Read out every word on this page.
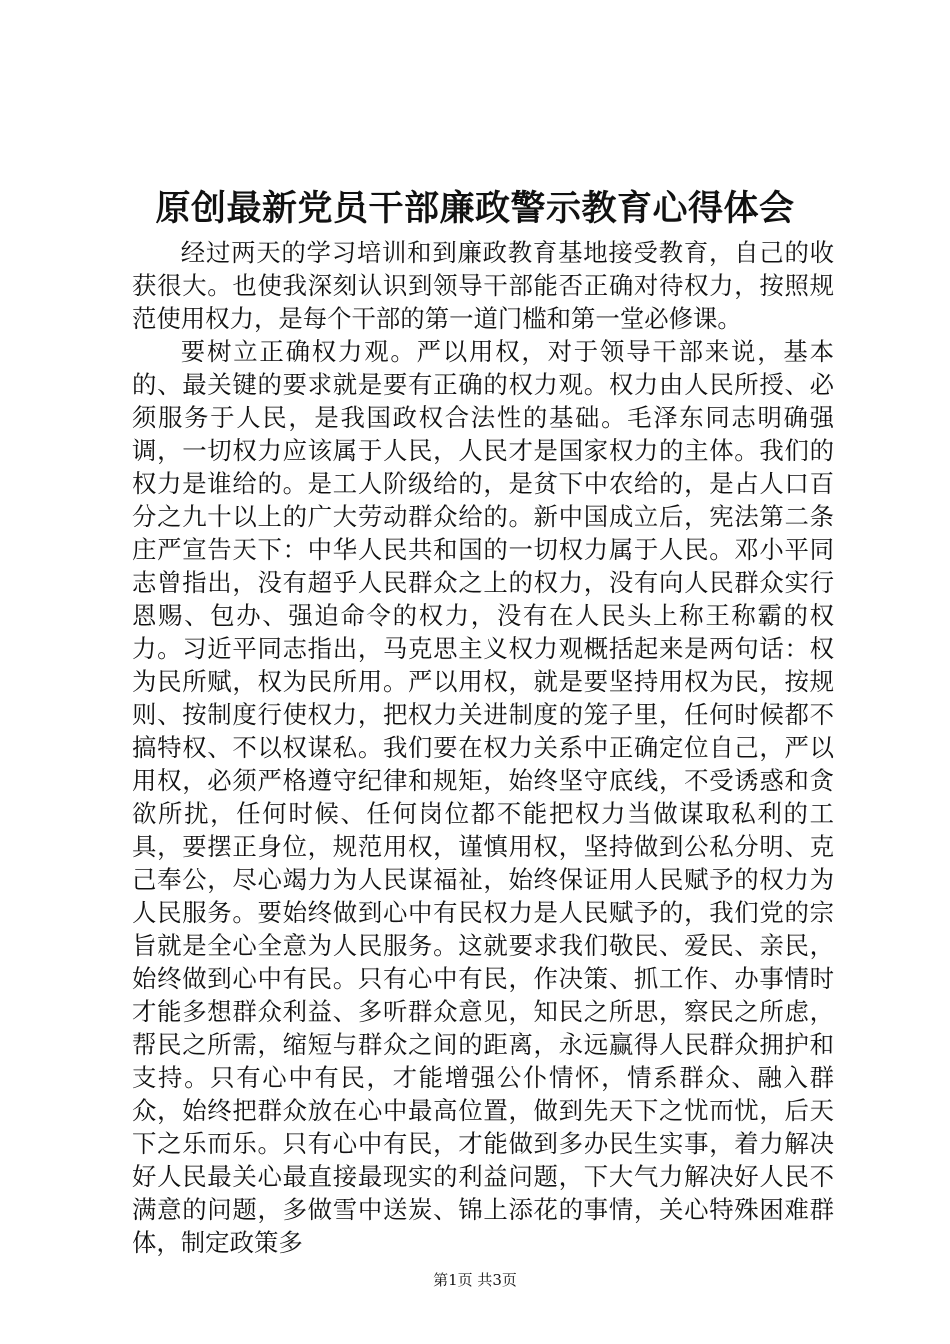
原创最新党员干部廉政警示教育心得体会

经过两天的学习培训和到廉政教育基地接受教育，自己的收获很大。也使我深刻认识到领导干部能否正确对待权力，按照规范使用权力，是每个干部的第一道门槛和第一堂必修课。

要树立正确权力观。严以用权，对于领导干部来说，基本的、最关键的要求就是要有正确的权力观。权力由人民所授、必须服务于人民，是我国政权合法性的基础。毛泽东同志明确强调，一切权力应该属于人民，人民才是国家权力的主体。我们的权力是谁给的。是工人阶级给的，是贫下中农给的，是占人口百分之九十以上的广大劳动群众给的。新中国成立后，宪法第二条庄严宣告天下：中华人民共和国的一切权力属于人民。邓小平同志曾指出，没有超乎人民群众之上的权力，没有向人民群众实行恩赐、包办、强迫命令的权力，没有在人民头上称王称霸的权力。习近平同志指出，马克思主义权力观概括起来是两句话：权为民所赋，权为民所用。严以用权，就是要坚持用权为民，按规则、按制度行使权力，把权力关进制度的笼子里，任何时候都不搞特权、不以权谋私。我们要在权力关系中正确定位自己，严以用权，必须严格遵守纪律和规矩，始终坚守底线，不受诱惑和贪欲所扰，任何时候、任何岗位都不能把权力当做谋取私利的工具，要摆正身位，规范用权，谨慎用权，坚持做到公私分明、克己奉公，尽心竭力为人民谋福祉，始终保证用人民赋予的权力为人民服务。要始终做到心中有民权力是人民赋予的，我们党的宗旨就是全心全意为人民服务。这就要求我们敬民、爱民、亲民，始终做到心中有民。只有心中有民，作决策、抓工作、办事情时才能多想群众利益、多听群众意见，知民之所思，察民之所虑，帮民之所需，缩短与群众之间的距离，永远赢得人民群众拥护和支持。只有心中有民，才能增强公仆情怀，情系群众、融入群众，始终把群众放在心中最高位置，做到先天下之忧而忧，后天下之乐而乐。只有心中有民，才能做到多办民生实事，着力解决好人民最关心最直接最现实的利益问题，下大气力解决好人民不满意的问题，多做雪中送炭、锦上添花的事情，关心特殊困难群体，制定政策多

第1页 共3页
